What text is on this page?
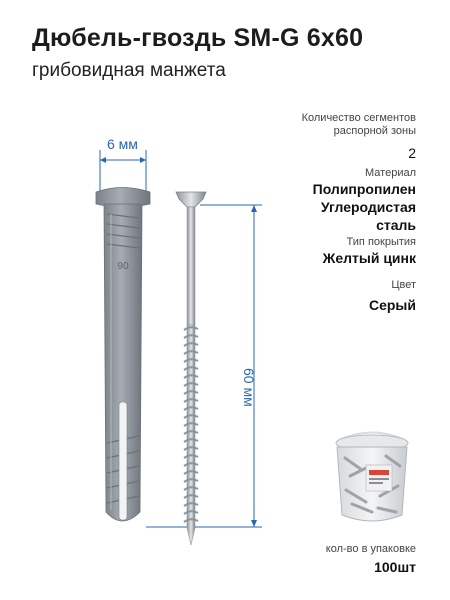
Дюбель-гвоздь SM-G 6х60
грибовидная манжета
06
6 мм
60 мм
Количество сегментов
распорной зоны
2
Материал
Полипропилен
Углеродистая
сталь
Тип покрытия
Желтый цинк
Цвет
Серый
кол-во в упаковке
100шт
